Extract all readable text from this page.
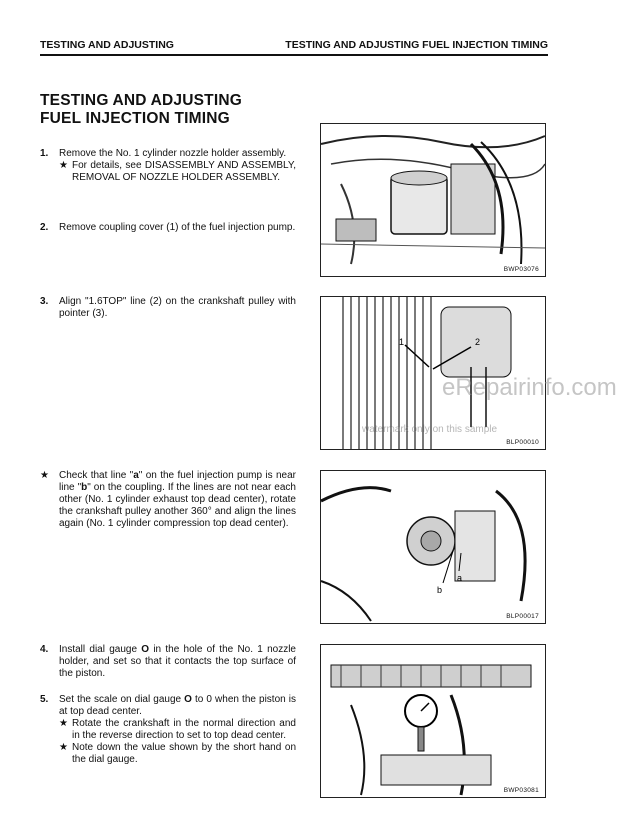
TESTING AND ADJUSTING	TESTING AND ADJUSTING FUEL INJECTION TIMING
TESTING AND ADJUSTING
FUEL INJECTION TIMING
1. Remove the No. 1 cylinder nozzle holder assembly.
★ For details, see DISASSEMBLY AND ASSEMBLY, REMOVAL OF NOZZLE HOLDER ASSEMBLY.
2. Remove coupling cover (1) of the fuel injection pump.
3. Align "1.6TOP" line (2) on the crankshaft pulley with pointer (3).
★ Check that line "a" on the fuel injection pump is near line "b" on the coupling. If the lines are not near each other (No. 1 cylinder exhaust top dead center), rotate the crankshaft pulley another 360° and align the lines again (No. 1 cylinder compression top dead center).
4. Install dial gauge O in the hole of the No. 1 nozzle holder, and set so that it contacts the top surface of the piston.
5. Set the scale on dial gauge O to 0 when the piston is at top dead center.
★ Rotate the crankshaft in the normal direction and in the reverse direction to set to top dead center.
★ Note down the value shown by the short hand on the dial gauge.
BWP03076
1	2
BLP00010
b
a
BLP00017
BWP03081
eRepairinfo.com
watermark only on this sample
